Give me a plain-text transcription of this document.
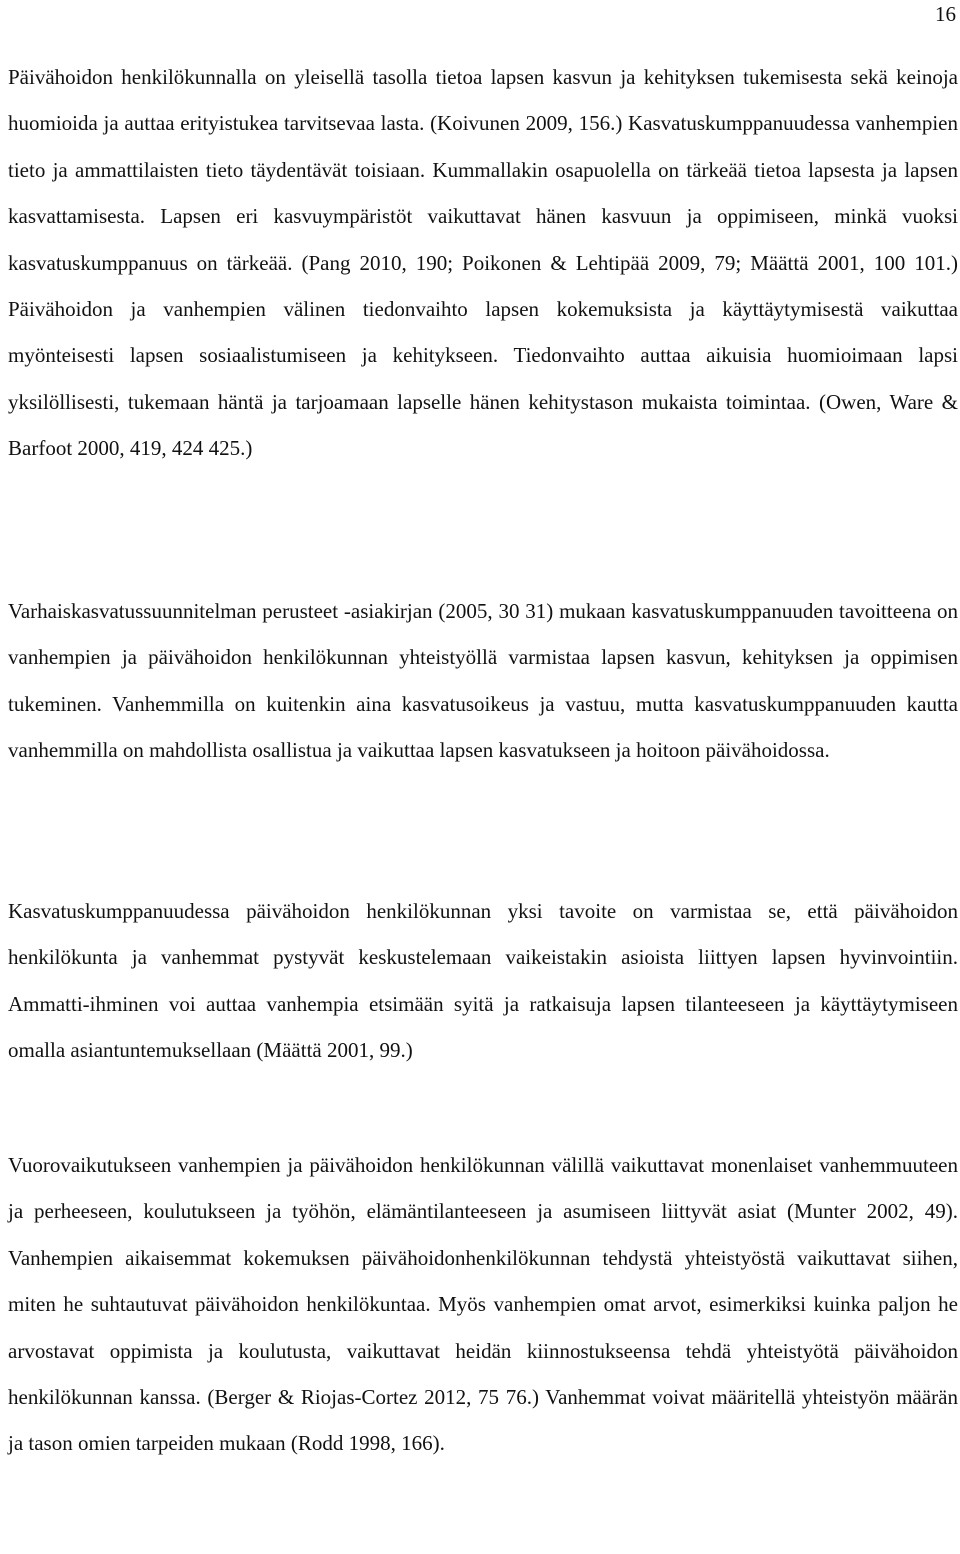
16

Päivähoidon henkilökunnalla on yleisellä tasolla tietoa lapsen kasvun ja kehityksen tukemisesta sekä keinoja huomioida ja auttaa erityistukea tarvitsevaa lasta. (Koivunen 2009, 156.) Kasvatuskumppanuudessa vanhempien tieto ja ammattilaisten tieto täydentävät toisiaan. Kummallakin osapuolella on tärkeää tietoa lapsesta ja lapsen kasvattamisesta. Lapsen eri kasvuympäristöt vaikuttavat hänen kasvuun ja oppimiseen, minkä vuoksi kasvatuskumppanuus on tärkeää. (Pang 2010, 190; Poikonen & Lehtipää 2009, 79; Määttä 2001, 100 101.) Päivähoidon ja vanhempien välinen tiedonvaihto lapsen kokemuksista ja käyttäytymisestä vaikuttaa myönteisesti lapsen sosiaalistumiseen ja kehitykseen. Tiedonvaihto auttaa aikuisia huomioimaan lapsi yksilöllisesti, tukemaan häntä ja tarjoamaan lapselle hänen kehitystason mukaista toimintaa. (Owen, Ware & Barfoot 2000, 419, 424 425.)

Varhaiskasvatussuunnitelman perusteet -asiakirjan (2005, 30 31) mukaan kasvatuskumppanuuden tavoitteena on vanhempien ja päivähoidon henkilökunnan yhteistyöllä varmistaa lapsen kasvun, kehityksen ja oppimisen tukeminen. Vanhemmilla on kuitenkin aina kasvatusoikeus ja vastuu, mutta kasvatuskumppanuuden kautta vanhemmilla on mahdollista osallistua ja vaikuttaa lapsen kasvatukseen ja hoitoon päivähoidossa.

Kasvatuskumppanuudessa päivähoidon henkilökunnan yksi tavoite on varmistaa se, että päivähoidon henkilökunta ja vanhemmat pystyvät keskustelemaan vaikeistakin asioista liittyen lapsen hyvinvointiin. Ammatti-ihminen voi auttaa vanhempia etsimään syitä ja ratkaisuja lapsen tilanteeseen ja käyttäytymiseen omalla asiantuntemuksellaan (Määttä 2001, 99.)

Vuorovaikutukseen vanhempien ja päivähoidon henkilökunnan välillä vaikuttavat monenlaiset vanhemmuuteen ja perheeseen, koulutukseen ja työhön, elämäntilanteeseen ja asumiseen liittyvät asiat (Munter 2002, 49). Vanhempien aikaisemmat kokemuksen päivähoidonhenkilökunnan tehdystä yhteistyöstä vaikuttavat siihen, miten he suhtautuvat päivähoidon henkilökuntaa. Myös vanhempien omat arvot, esimerkiksi kuinka paljon he arvostavat oppimista ja koulutusta, vaikuttavat heidän kiinnostukseensa tehdä yhteistyötä päivähoidon henkilökunnan kanssa. (Berger & Riojas-Cortez 2012, 75 76.) Vanhemmat voivat määritellä yhteistyön määrän ja tason omien tarpeiden mukaan (Rodd 1998, 166).
